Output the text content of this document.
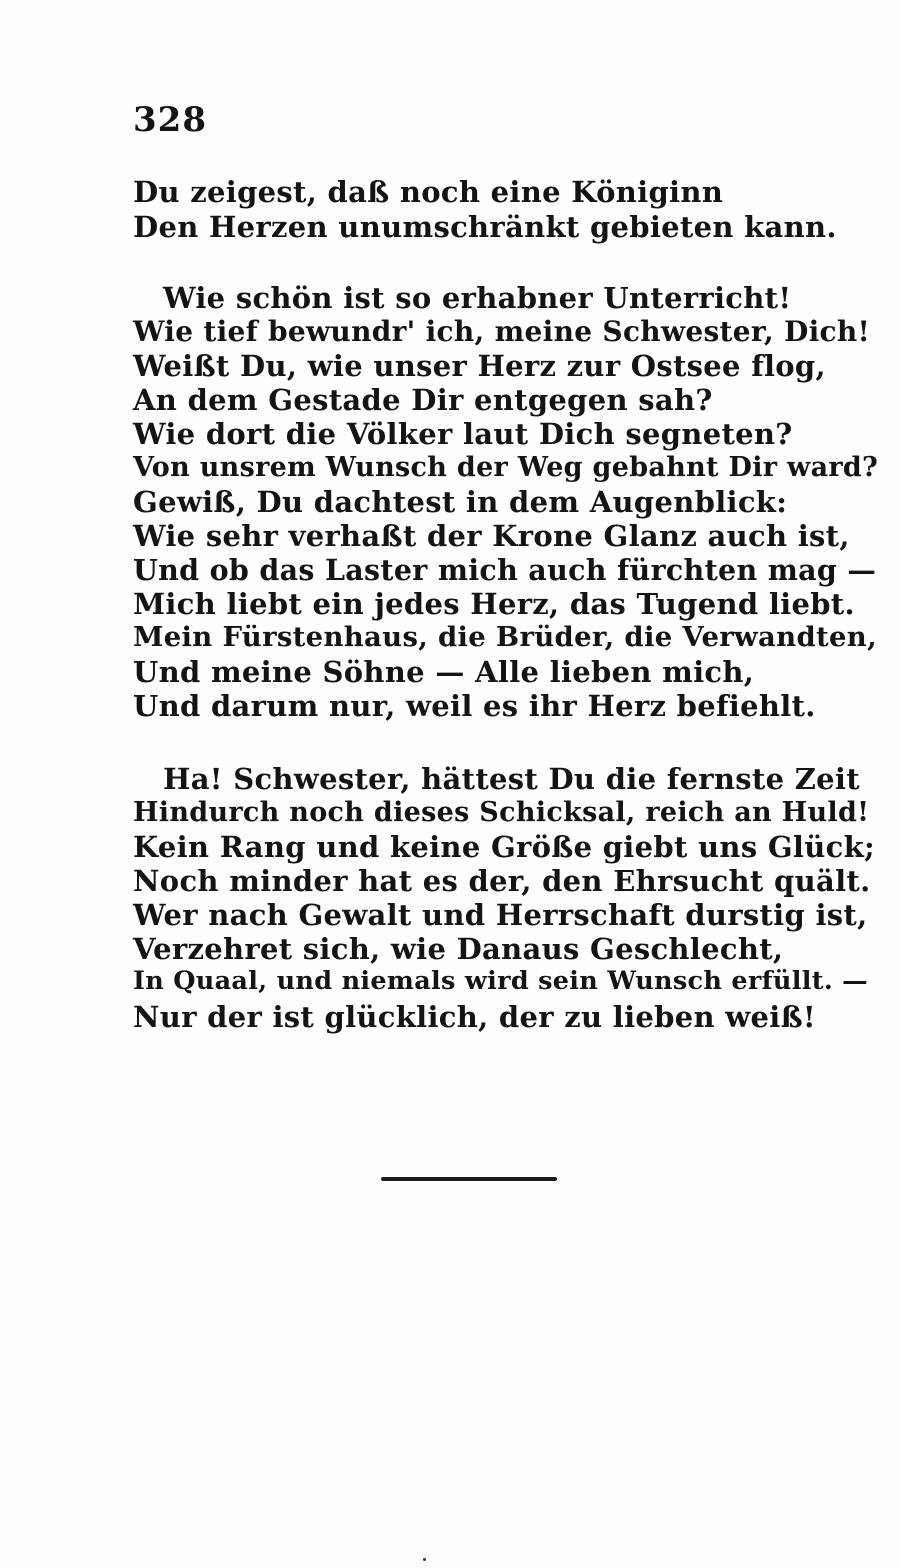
328
Du zeigest, daß noch eine Königinn
Den Herzen unumschränkt gebieten kann.
Wie schön ist so erhabner Unterricht!
Wie tief bewundr' ich, meine Schwester, Dich!
Weißt Du, wie unser Herz zur Ostsee flog,
An dem Gestade Dir entgegen sah?
Wie dort die Völker laut Dich segneten?
Von unsrem Wunsch der Weg gebahnt Dir ward?
Gewiß, Du dachtest in dem Augenblick:
Wie sehr verhaßt der Krone Glanz auch ist,
Und ob das Laster mich auch fürchten mag —
Mich liebt ein jedes Herz, das Tugend liebt.
Mein Fürstenhaus, die Brüder, die Verwandten,
Und meine Söhne — Alle lieben mich,
Und darum nur, weil es ihr Herz befiehlt.
Ha! Schwester, hättest Du die fernste Zeit
Hindurch noch dieses Schicksal, reich an Huld!
Kein Rang und keine Größe giebt uns Glück;
Noch minder hat es der, den Ehrsucht quält.
Wer nach Gewalt und Herrschaft durstig ist,
Verzehret sich, wie Danaus Geschlecht,
In Quaal, und niemals wird sein Wunsch erfüllt. —
Nur der ist glücklich, der zu lieben weiß!
